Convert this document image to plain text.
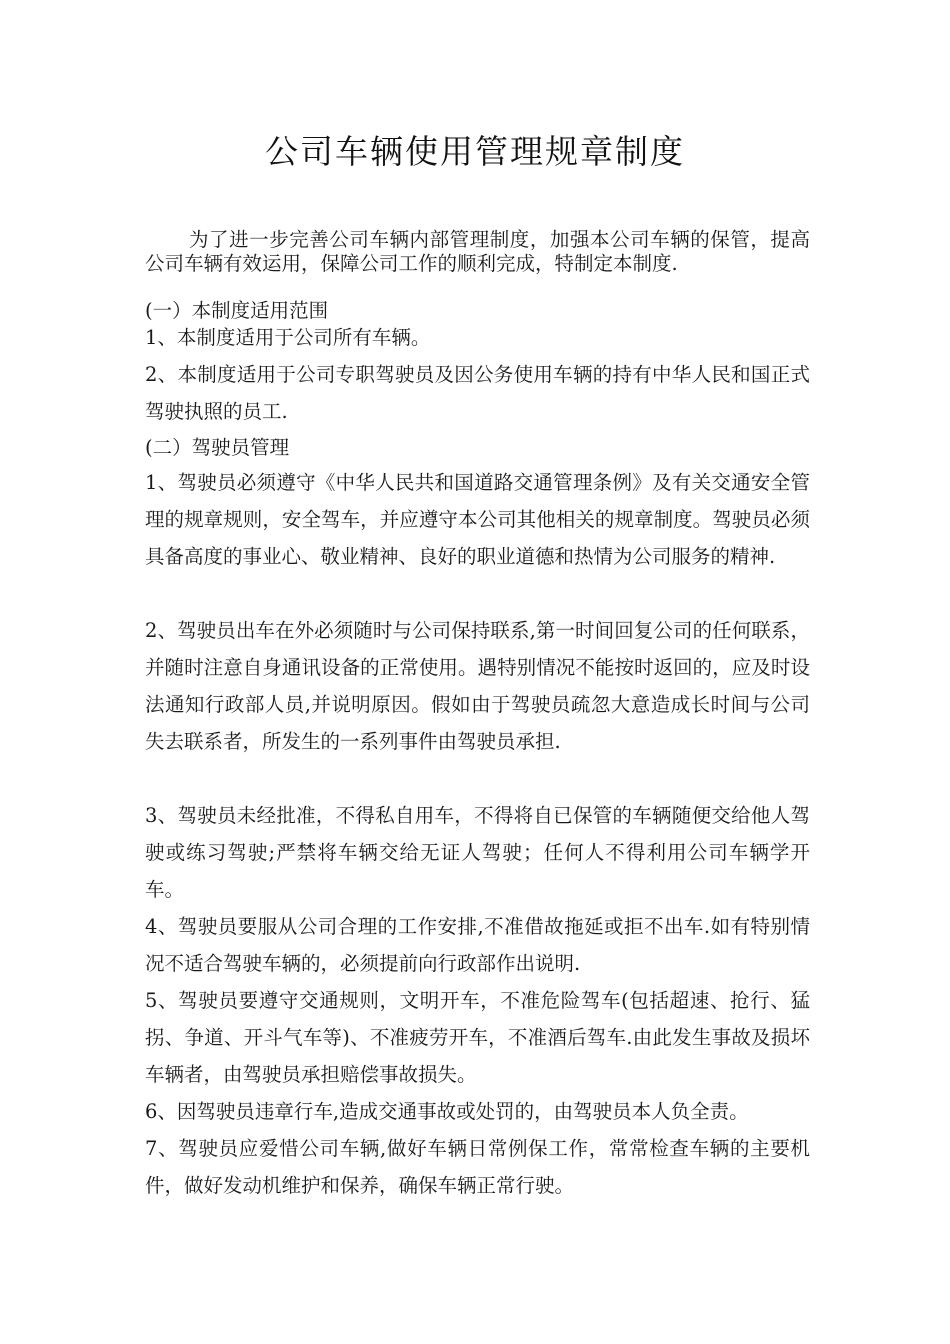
公司车辆使用管理规章制度
为了进一步完善公司车辆内部管理制度，加强本公司车辆的保管，提高公司车辆有效运用，保障公司工作的顺利完成，特制定本制度.
(一）本制度适用范围
1、本制度适用于公司所有车辆。
2、本制度适用于公司专职驾驶员及因公务使用车辆的持有中华人民和国正式驾驶执照的员工.
(二）驾驶员管理
1、驾驶员必须遵守《中华人民共和国道路交通管理条例》及有关交通安全管理的规章规则，安全驾车，并应遵守本公司其他相关的规章制度。驾驶员必须具备高度的事业心、敬业精神、良好的职业道德和热情为公司服务的精神.
2、驾驶员出车在外必须随时与公司保持联系,第一时间回复公司的任何联系，并随时注意自身通讯设备的正常使用。遇特别情况不能按时返回的，应及时设法通知行政部人员,并说明原因。假如由于驾驶员疏忽大意造成长时间与公司失去联系者，所发生的一系列事件由驾驶员承担.
3、驾驶员未经批准，不得私自用车，不得将自已保管的车辆随便交给他人驾驶或练习驾驶;严禁将车辆交给无证人驾驶；任何人不得利用公司车辆学开车。
4、驾驶员要服从公司合理的工作安排,不准借故拖延或拒不出车.如有特别情况不适合驾驶车辆的，必须提前向行政部作出说明.
5、驾驶员要遵守交通规则，文明开车，不准危险驾车(包括超速、抢行、猛拐、争道、开斗气车等)、不准疲劳开车，不准酒后驾车.由此发生事故及损坏车辆者，由驾驶员承担赔偿事故损失。
6、因驾驶员违章行车,造成交通事故或处罚的，由驾驶员本人负全责。
7、驾驶员应爱惜公司车辆,做好车辆日常例保工作，常常检查车辆的主要机件，做好发动机维护和保养，确保车辆正常行驶。
